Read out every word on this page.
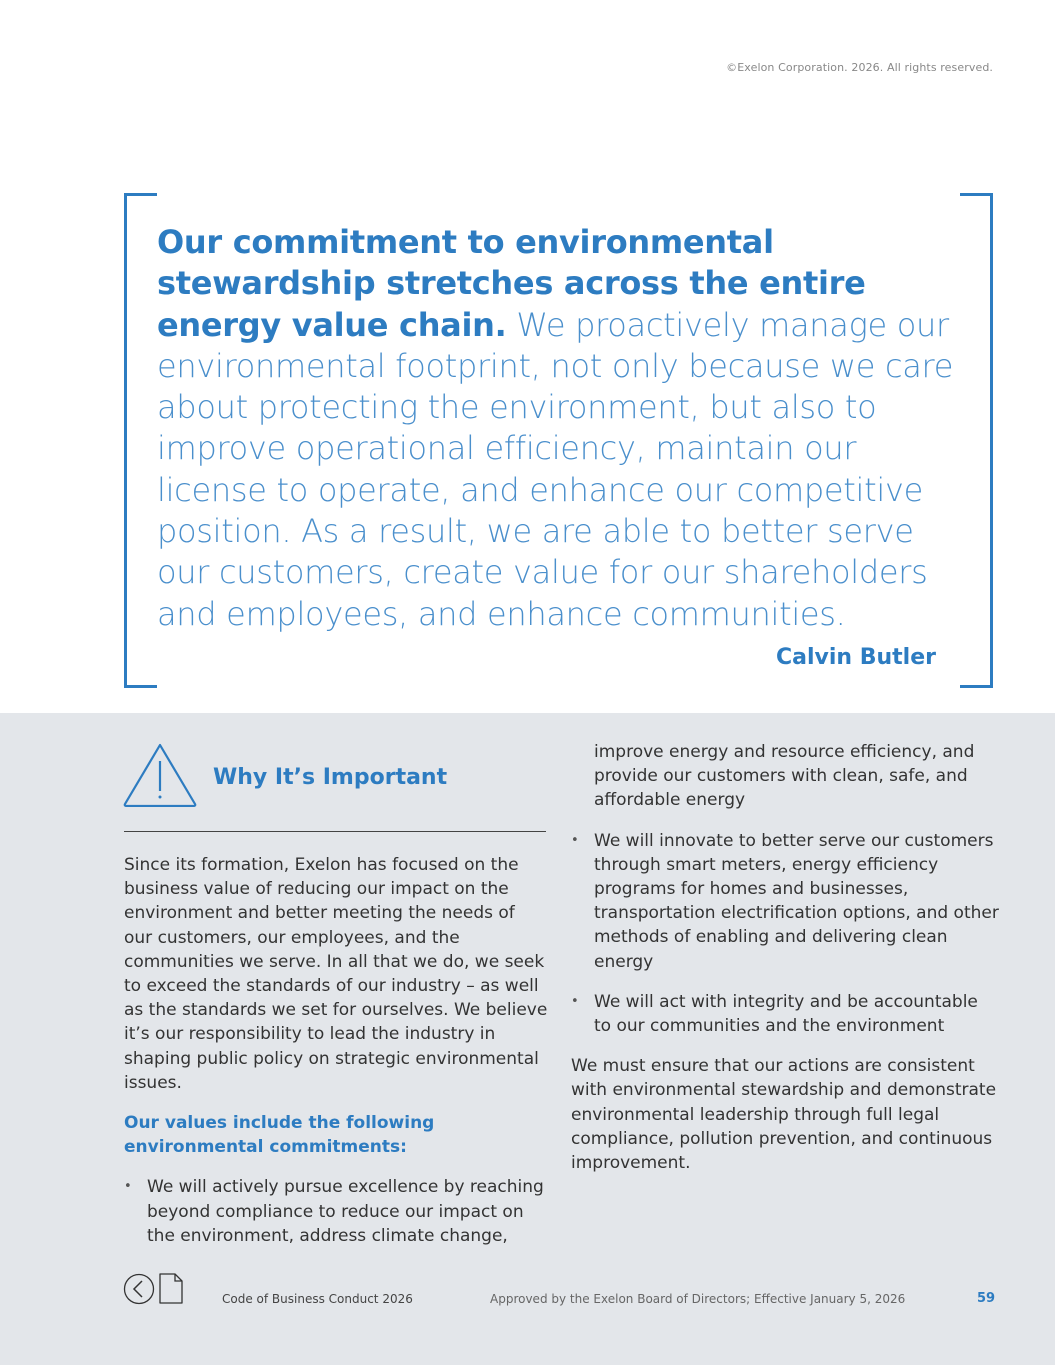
©Exelon Corporation. 2026. All rights reserved.
Our commitment to environmental stewardship stretches across the entire energy value chain. We proactively manage our environmental footprint, not only because we care about protecting the environment, but also to improve operational efficiency, maintain our license to operate, and enhance our competitive position. As a result, we are able to better serve our customers, create value for our shareholders and employees, and enhance communities.
Calvin Butler
Why It’s Important

Since its formation, Exelon has focused on the business value of reducing our impact on the environment and better meeting the needs of our customers, our employees, and the communities we serve. In all that we do, we seek to exceed the standards of our industry – as well as the standards we set for ourselves. We believe it’s our responsibility to lead the industry in shaping public policy on strategic environmental issues.

Our values include the following environmental commitments:

• We will actively pursue excellence by reaching beyond compliance to reduce our impact on the environment, address climate change,
improve energy and resource efficiency, and provide our customers with clean, safe, and affordable energy
• We will innovate to better serve our customers through smart meters, energy efficiency programs for homes and businesses, transportation electrification options, and other methods of enabling and delivering clean energy
• We will act with integrity and be accountable to our communities and the environment

We must ensure that our actions are consistent with environmental stewardship and demonstrate environmental leadership through full legal compliance, pollution prevention, and continuous improvement.

Code of Business Conduct 2026	Approved by the Exelon Board of Directors; Effective January 5, 2026	59
